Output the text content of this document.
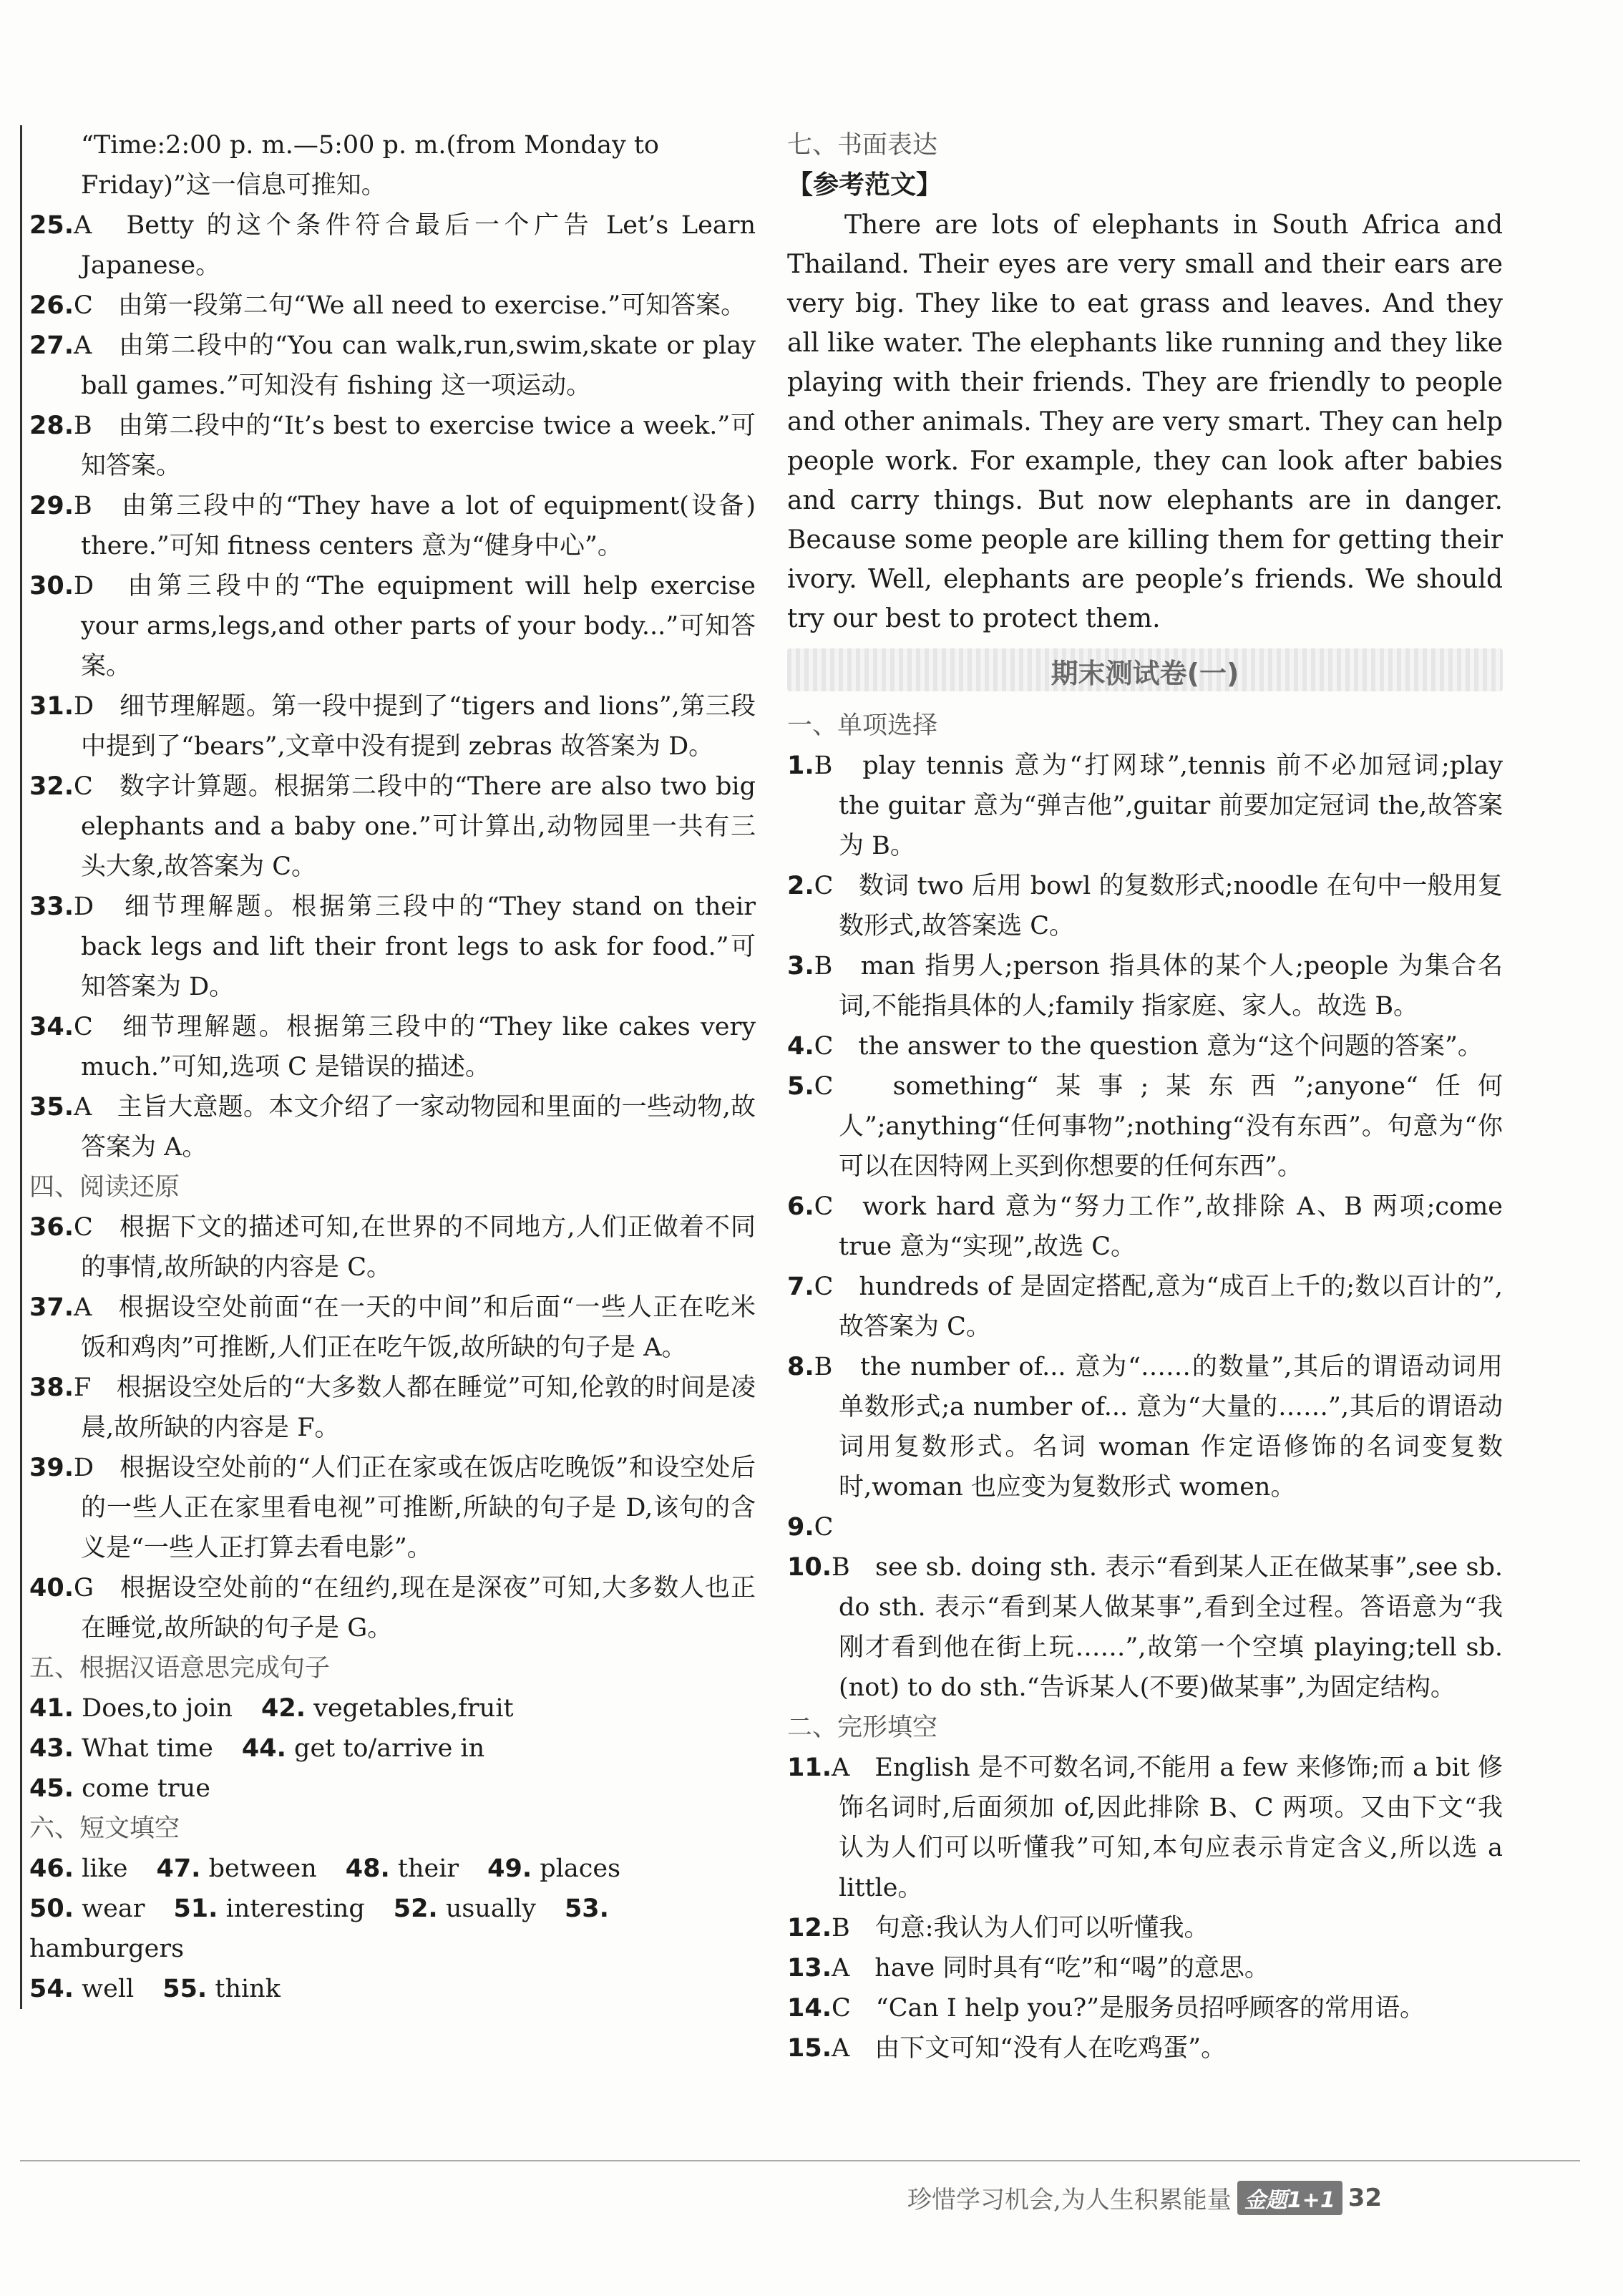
“Time:2:00 p. m.—5:00 p. m.(from Monday to

Friday)”这一信息可推知。

25.A　Betty 的这个条件符合最后一个广告 Let’s Learn Japanese。

26.C　由第一段第二句“We all need to exercise.”可知答案。

27.A　由第二段中的“You can walk,run,swim,skate or play ball games.”可知没有 fishing 这一项运动。

28.B　由第二段中的“It’s best to exercise twice a week.”可知答案。

29.B　由第三段中的“They have a lot of equipment(设备) there.”可知 fitness centers 意为“健身中心”。

30.D　由第三段中的“The equipment will help exercise your arms,legs,and other parts of your body...”可知答案。

31.D　细节理解题。第一段中提到了“tigers and lions”,第三段中提到了“bears”,文章中没有提到 zebras 故答案为 D。

32.C　数字计算题。根据第二段中的“There are also two big elephants and a baby one.”可计算出,动物园里一共有三头大象,故答案为 C。

33.D　细节理解题。根据第三段中的“They stand on their back legs and lift their front legs to ask for food.”可知答案为 D。

34.C　细节理解题。根据第三段中的“They like cakes very much.”可知,选项 C 是错误的描述。

35.A　主旨大意题。本文介绍了一家动物园和里面的一些动物,故答案为 A。

四、阅读还原

36.C　根据下文的描述可知,在世界的不同地方,人们正做着不同的事情,故所缺的内容是 C。

37.A　根据设空处前面“在一天的中间”和后面“一些人正在吃米饭和鸡肉”可推断,人们正在吃午饭,故所缺的句子是 A。

38.F　根据设空处后的“大多数人都在睡觉”可知,伦敦的时间是凌晨,故所缺的内容是 F。

39.D　根据设空处前的“人们正在家或在饭店吃晚饭”和设空处后的一些人正在家里看电视”可推断,所缺的句子是 D,该句的含义是“一些人正打算去看电影”。

40.G　根据设空处前的“在纽约,现在是深夜”可知,大多数人也正在睡觉,故所缺的句子是 G。

五、根据汉语意思完成句子

41. Does,to join 42. vegetables,fruit

43. What time 44. get to/arrive in

45. come true

六、短文填空

46. like 47. between 48. their 49. places

50. wear 51. interesting 52. usually 53. hamburgers

54. well 55. think

七、书面表达

【参考范文】

There are lots of elephants in South Africa and Thailand. Their eyes are very small and their ears are very big. They like to eat grass and leaves. And they all like water. The elephants like running and they like playing with their friends. They are friendly to people and other animals. They are very smart. They can help people work. For example, they can look after babies and carry things. But now elephants are in danger. Because some people are killing them for getting their ivory. Well, elephants are people’s friends. We should try our best to protect them.

期末测试卷(一)

一、单项选择

1.B　play tennis 意为“打网球”,tennis 前不必加冠词;play the guitar 意为“弹吉他”,guitar 前要加定冠词 the,故答案为 B。

2.C　数词 two 后用 bowl 的复数形式;noodle 在句中一般用复数形式,故答案选 C。

3.B　man 指男人;person 指具体的某个人;people 为集合名词,不能指具体的人;family 指家庭、家人。故选 B。

4.C　the answer to the question 意为“这个问题的答案”。

5.C　something“某事;某东西”;anyone“任何人”;anything“任何事物”;nothing“没有东西”。句意为“你可以在因特网上买到你想要的任何东西”。

6.C　work hard 意为“努力工作”,故排除 A、B 两项;come true 意为“实现”,故选 C。

7.C　hundreds of 是固定搭配,意为“成百上千的;数以百计的”,故答案为 C。

8.B　the number of... 意为“……的数量”,其后的谓语动词用单数形式;a number of... 意为“大量的……”,其后的谓语动词用复数形式。名词 woman 作定语修饰的名词变复数时,woman 也应变为复数形式 women。

9.C

10.B　see sb. doing sth. 表示“看到某人正在做某事”,see sb. do sth. 表示“看到某人做某事”,看到全过程。答语意为“我刚才看到他在街上玩……”,故第一个空填 playing;tell sb.(not) to do sth.“告诉某人(不要)做某事”,为固定结构。

二、完形填空

11.A　English 是不可数名词,不能用 a few 来修饰;而 a bit 修饰名词时,后面须加 of,因此排除 B、C 两项。又由下文“我认为人们可以听懂我”可知,本句应表示肯定含义,所以选 a little。

12.B　句意:我认为人们可以听懂我。

13.A　have 同时具有“吃”和“喝”的意思。

14.C　“Can I help you?”是服务员招呼顾客的常用语。

15.A　由下文可知“没有人在吃鸡蛋”。

珍惜学习机会,为人生积累能量 金题1+1 32
